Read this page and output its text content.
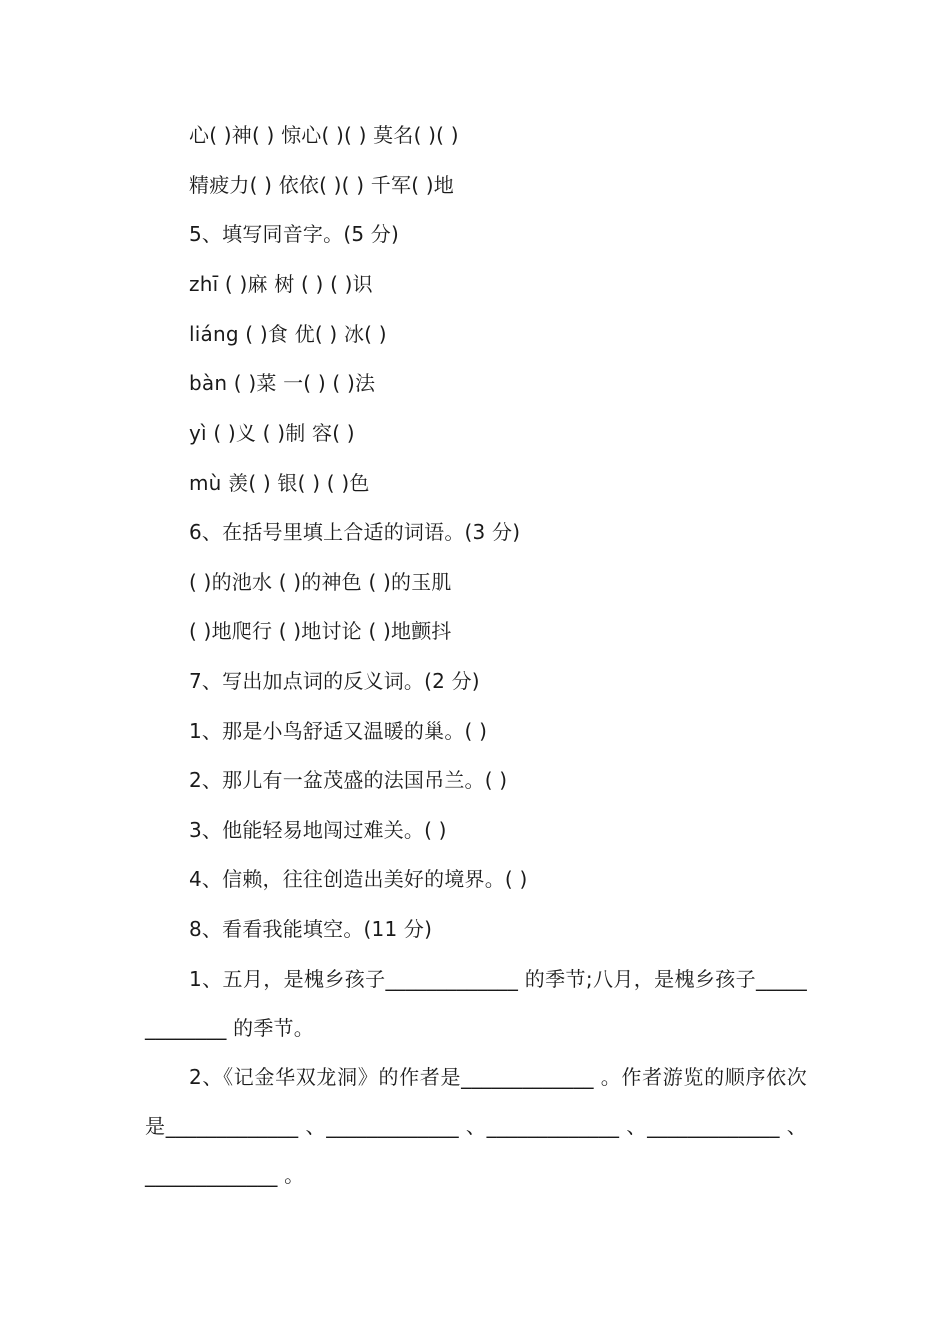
心( )神( ) 惊心( )( ) 莫名( )( )
精疲力( ) 依依( )( ) 千军( )地
5、填写同音字。(5 分)
zhī ( )麻 树 ( ) ( )识
liáng ( )食 优( ) 冰( )
bàn ( )菜 一( ) ( )法
yì ( )义 ( )制 容( )
mù 羡( ) 银( ) ( )色
6、在括号里填上合适的词语。(3 分)
( )的池水 ( )的神色 ( )的玉肌
( )地爬行 ( )地讨论 ( )地颤抖
7、写出加点词的反义词。(2 分)
1、那是小鸟舒适又温暖的巢。( )
2、那儿有一盆茂盛的法国吊兰。( )
3、他能轻易地闯过难关。( )
4、信赖，往往创造出美好的境界。( )
8、看看我能填空。(11 分)
1、五月，是槐乡孩子_____________ 的季节;八月，是槐乡孩子_____________ 的季节。
2、《记金华双龙洞》的作者是_____________ 。作者游览的顺序依次是_____________ 、_____________ 、_____________ 、_____________ 、_____________ 。
